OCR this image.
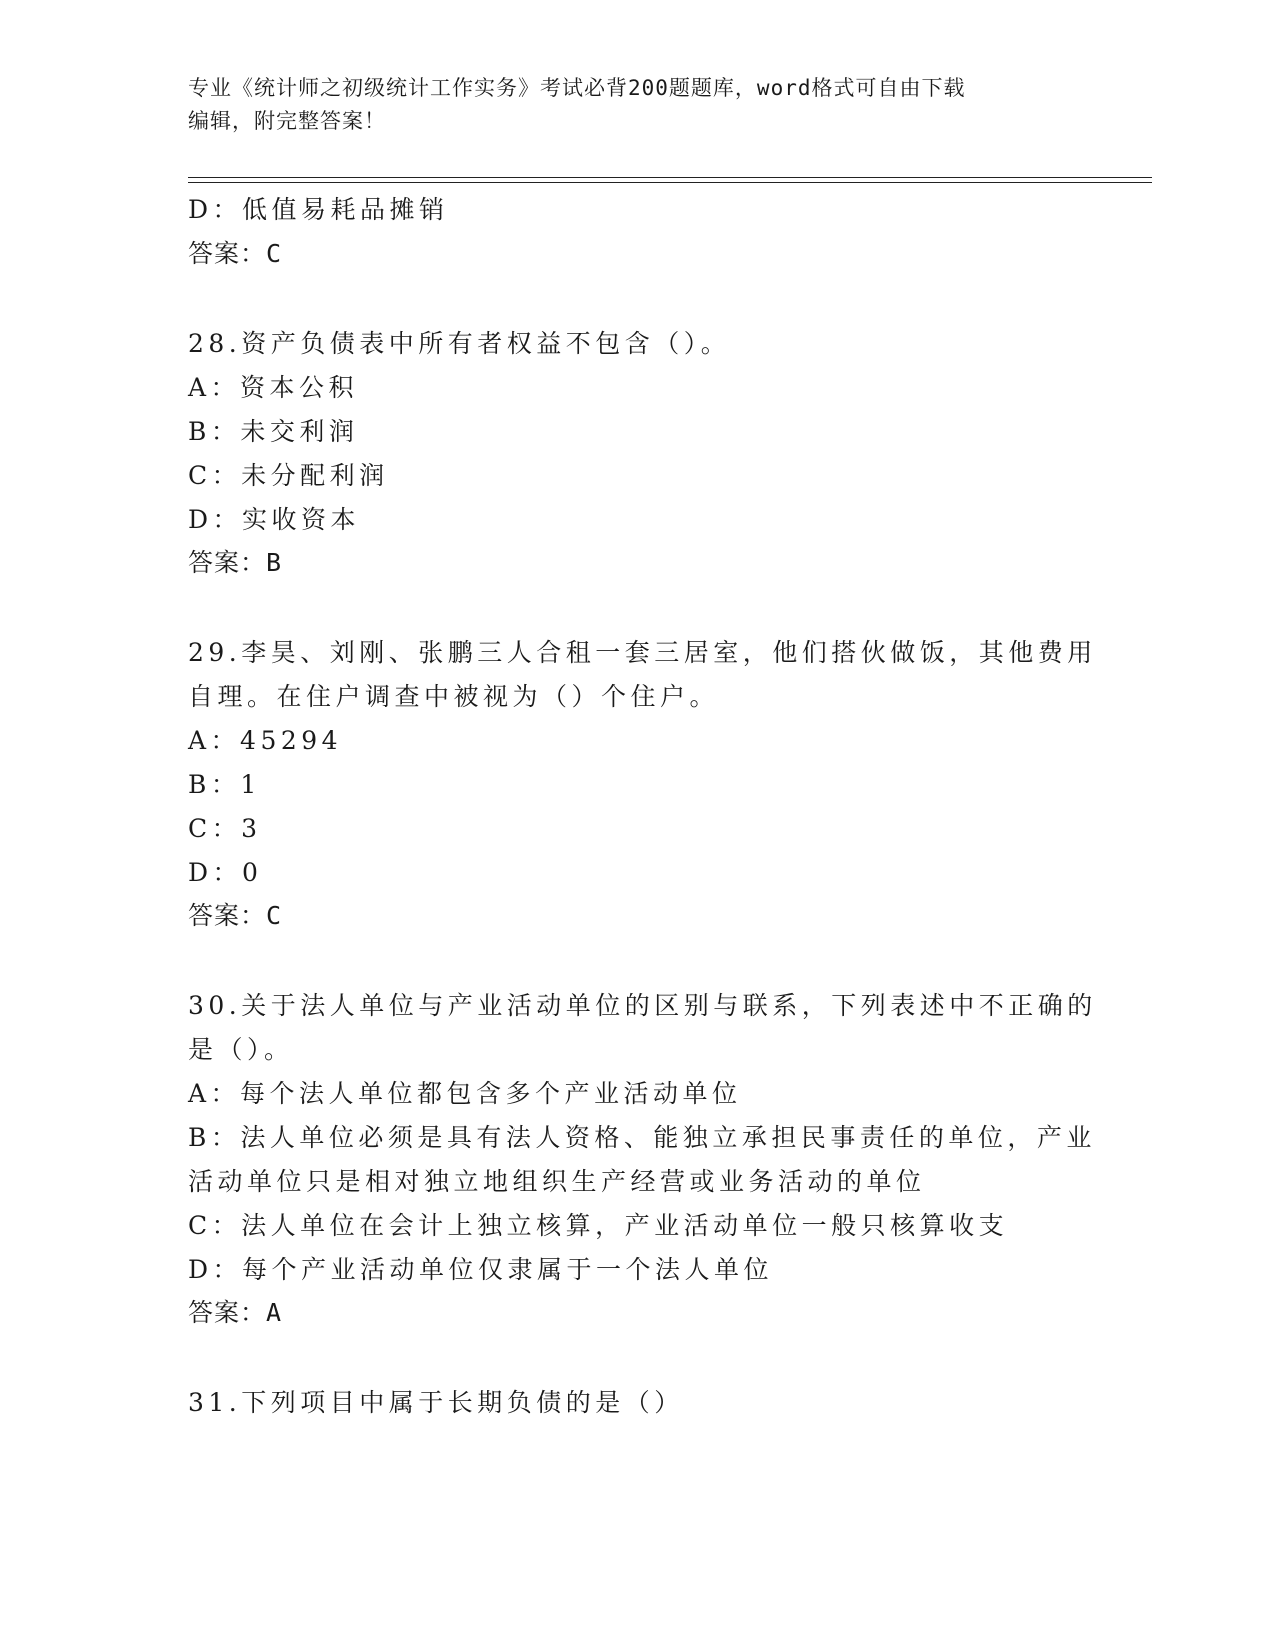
专业《统计师之初级统计工作实务》考试必背200题题库，word格式可自由下载
编辑，附完整答案！
D：低值易耗品摊销
答案：C
28.资产负债表中所有者权益不包含（）。
A：资本公积
B：未交利润
C：未分配利润
D：实收资本
答案：B
29.李昊、刘刚、张鹏三人合租一套三居室，他们搭伙做饭，其他费用
自理。在住户调查中被视为（）个住户。
A：45294
B：1
C：3
D：0
答案：C
30.关于法人单位与产业活动单位的区别与联系，下列表述中不正确的
是（）。
A：每个法人单位都包含多个产业活动单位
B：法人单位必须是具有法人资格、能独立承担民事责任的单位，产业
活动单位只是相对独立地组织生产经营或业务活动的单位
C：法人单位在会计上独立核算，产业活动单位一般只核算收支
D：每个产业活动单位仅隶属于一个法人单位
答案：A
31.下列项目中属于长期负债的是（）
